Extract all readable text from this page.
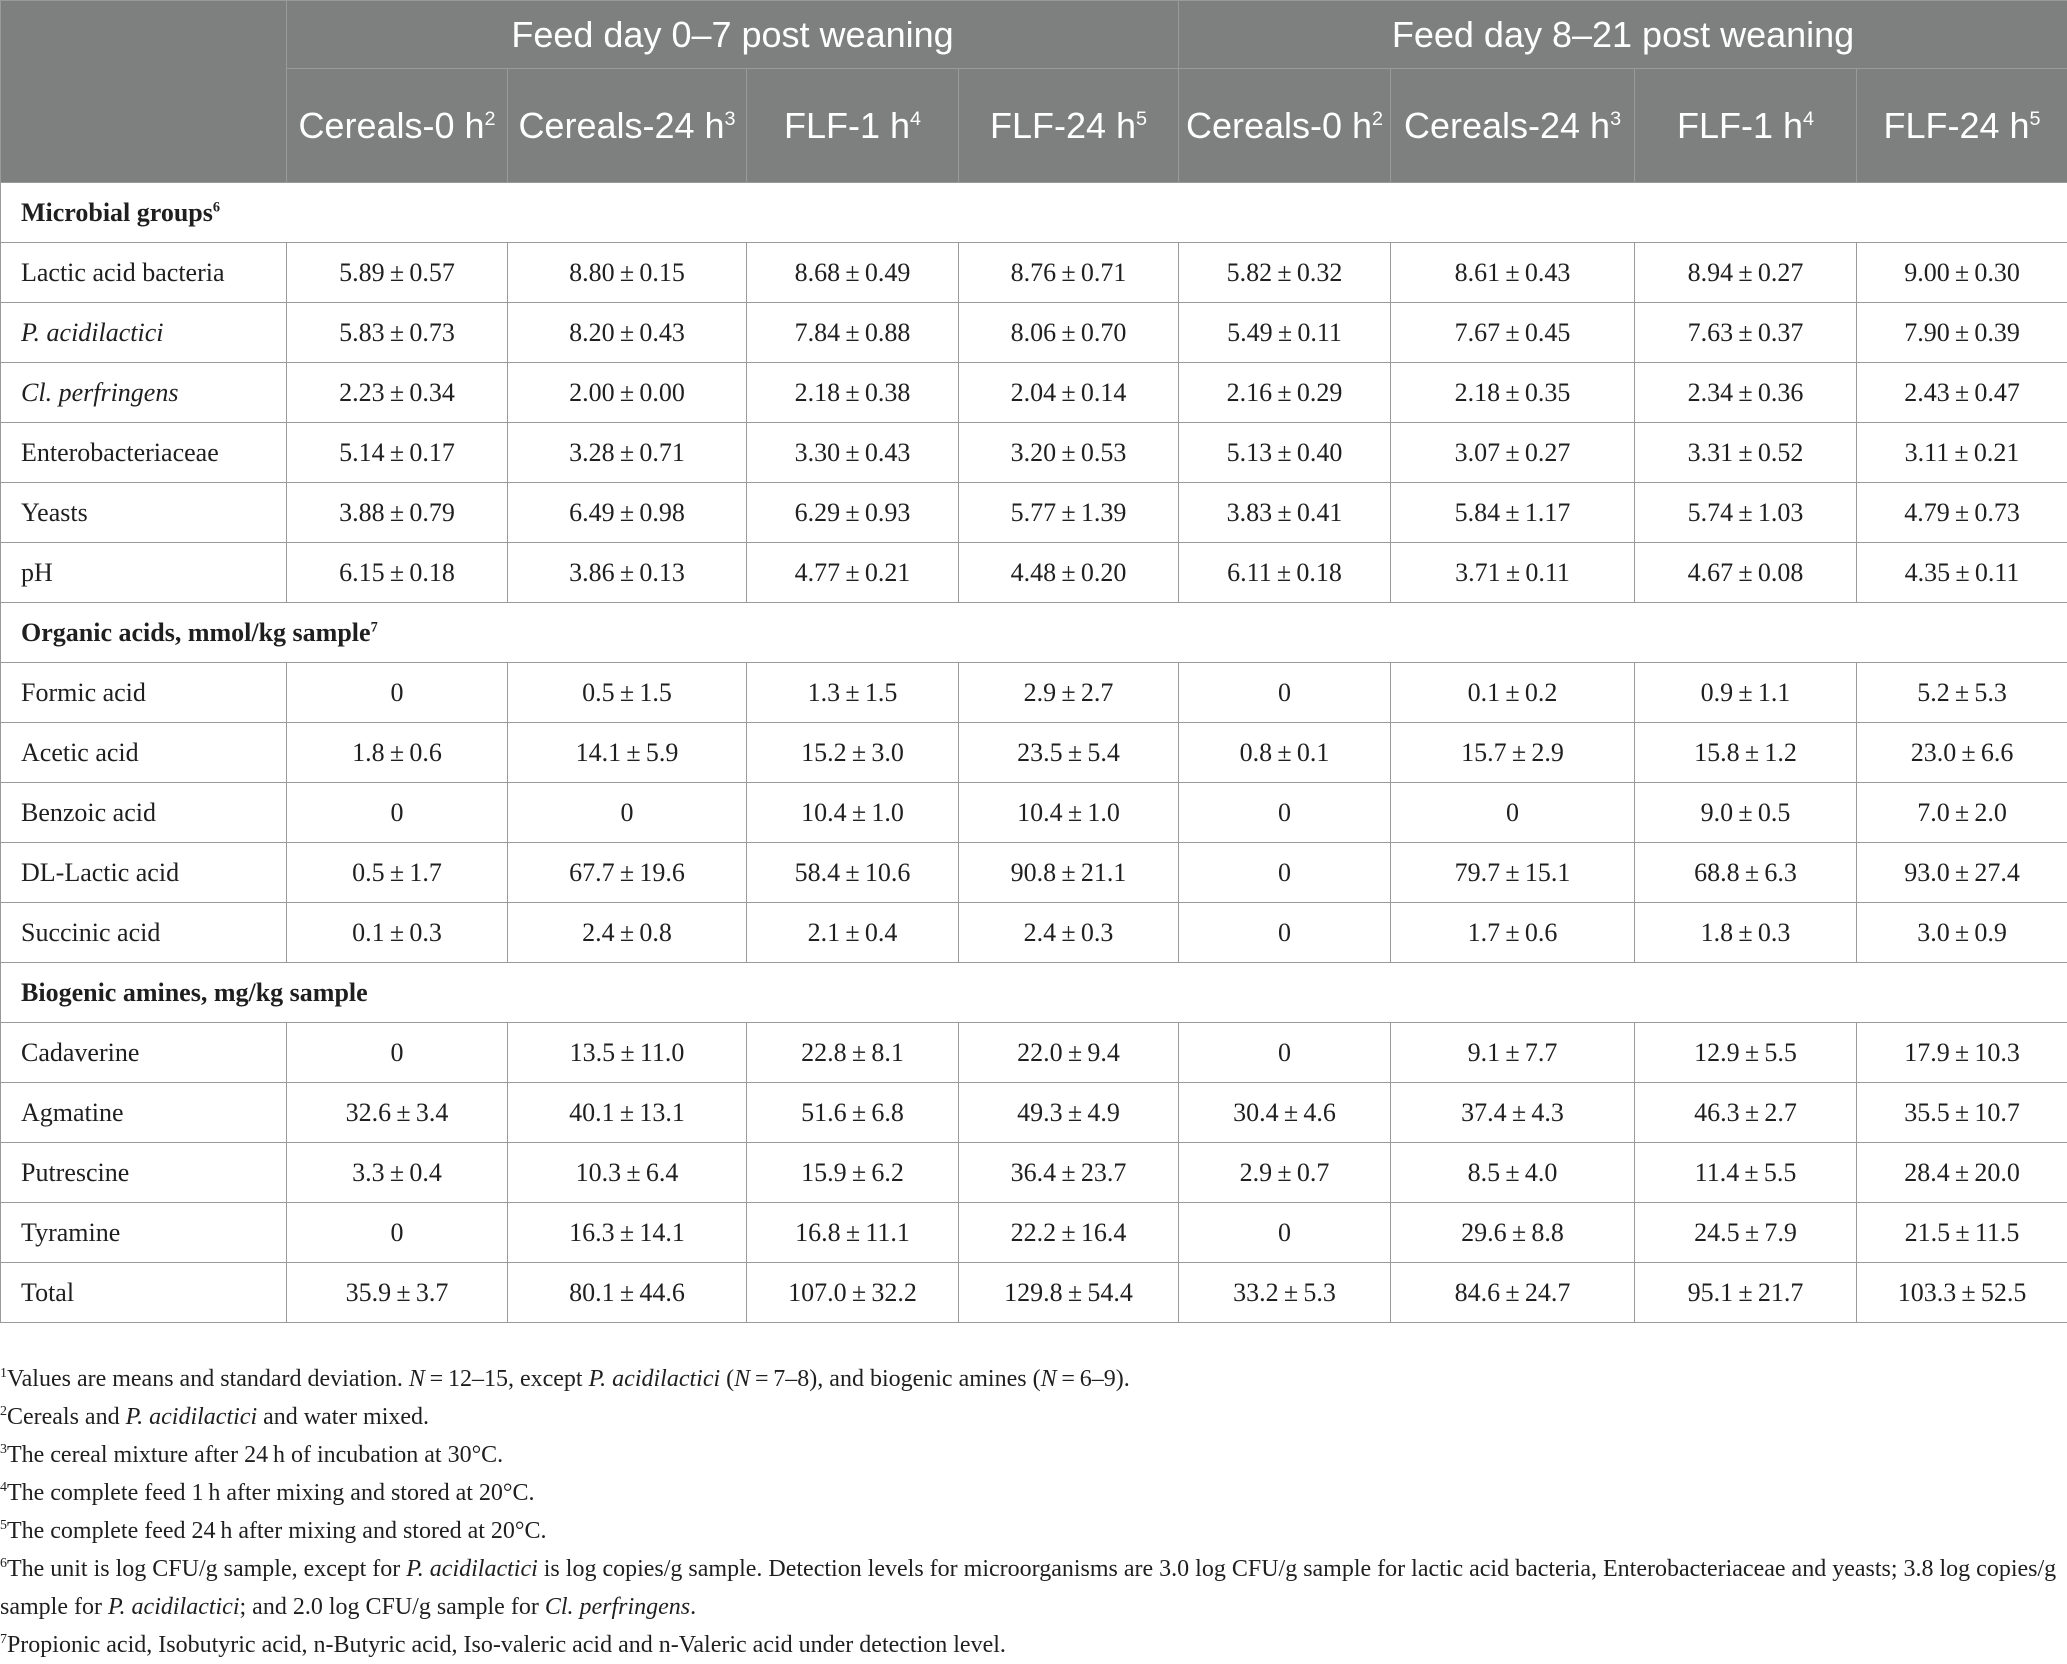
	Feed day 0–7 post weaning				Feed day 8–21 post weaning			
	Cereals-0 $h^2$	Cereals-24 $h^3$	FLF-1 $h^4$	FLF-24 $h^5$	Cereals-0 $h^2$	Cereals-24 $h^3$	FLF-1 $h^4$	FLF-24 $h^5$
Microbial groups$^6$
Lactic acid bacteria	5.89 ± 0.57	8.80 ± 0.15	8.68 ± 0.49	8.76 ± 0.71	5.82 ± 0.32	8.61 ± 0.43	8.94 ± 0.27	9.00 ± 0.30
P. acidilactici	5.83 ± 0.73	8.20 ± 0.43	7.84 ± 0.88	8.06 ± 0.70	5.49 ± 0.11	7.67 ± 0.45	7.63 ± 0.37	7.90 ± 0.39
Cl. perfringens	2.23 ± 0.34	2.00 ± 0.00	2.18 ± 0.38	2.04 ± 0.14	2.16 ± 0.29	2.18 ± 0.35	2.34 ± 0.36	2.43 ± 0.47
Enterobacteriaceae	5.14 ± 0.17	3.28 ± 0.71	3.30 ± 0.43	3.20 ± 0.53	5.13 ± 0.40	3.07 ± 0.27	3.31 ± 0.52	3.11 ± 0.21
Yeasts	3.88 ± 0.79	6.49 ± 0.98	6.29 ± 0.93	5.77 ± 1.39	3.83 ± 0.41	5.84 ± 1.17	5.74 ± 1.03	4.79 ± 0.73
pH	6.15 ± 0.18	3.86 ± 0.13	4.77 ± 0.21	4.48 ± 0.20	6.11 ± 0.18	3.71 ± 0.11	4.67 ± 0.08	4.35 ± 0.11
Organic acids, mmol/kg sample$^7$
Formic acid	0	0.5 ± 1.5	1.3 ± 1.5	2.9 ± 2.7	0	0.1 ± 0.2	0.9 ± 1.1	5.2 ± 5.3
Acetic acid	1.8 ± 0.6	14.1 ± 5.9	15.2 ± 3.0	23.5 ± 5.4	0.8 ± 0.1	15.7 ± 2.9	15.8 ± 1.2	23.0 ± 6.6
Benzoic acid	0	0	10.4 ± 1.0	10.4 ± 1.0	0	0	9.0 ± 0.5	7.0 ± 2.0
DL-Lactic acid	0.5 ± 1.7	67.7 ± 19.6	58.4 ± 10.6	90.8 ± 21.1	0	79.7 ± 15.1	68.8 ± 6.3	93.0 ± 27.4
Succinic acid	0.1 ± 0.3	2.4 ± 0.8	2.1 ± 0.4	2.4 ± 0.3	0	1.7 ± 0.6	1.8 ± 0.3	3.0 ± 0.9
Biogenic amines, mg/kg sample								
Cadaverine	0	13.5 ± 11.0	22.8 ± 8.1	22.0 ± 9.4	0	9.1 ± 7.7	12.9 ± 5.5	17.9 ± 10.3
Agmatine	32.6 ± 3.4	40.1 ± 13.1	51.6 ± 6.8	49.3 ± 4.9	30.4 ± 4.6	37.4 ± 4.3	46.3 ± 2.7	35.5 ± 10.7
Putrescine	3.3 ± 0.4	10.3 ± 6.4	15.9 ± 6.2	36.4 ± 23.7	2.9 ± 0.7	8.5 ± 4.0	11.4 ± 5.5	28.4 ± 20.0
Tyramine	0	16.3 ± 14.1	16.8 ± 11.1	22.2 ± 16.4	0	29.6 ± 8.8	24.5 ± 7.9	21.5 ± 11.5
Total	35.9 ± 3.7	80.1 ± 44.6	107.0 ± 32.2	129.8 ± 54.4	33.2 ± 5.3	84.6 ± 24.7	95.1 ± 21.7	103.3 ± 52.5

$^1$Values are means and standard deviation. N = 12–15, except P. acidilactici (N = 7–8), and biogenic amines (N = 6–9).

$^2$Cereals and P. acidilactici and water mixed.

$^3$The cereal mixture after 24 h of incubation at 30°C.

$^4$The complete feed 1 h after mixing and stored at 20°C.

$^5$The complete feed 24 h after mixing and stored at 20°C.

$^6$The unit is log CFU/g sample, except for P. acidilactici is log copies/g sample. Detection levels for microorganisms are 3.0 log CFU/g sample for lactic acid bacteria, Enterobacteriaceae and yeasts; 3.8 log copies/g sample for P. acidilactici; and 2.0 log CFU/g sample for Cl. perfringens.

$^7$Propionic acid, Isobutyric acid, n-Butyric acid, Iso-valeric acid and n-Valeric acid under detection level.
